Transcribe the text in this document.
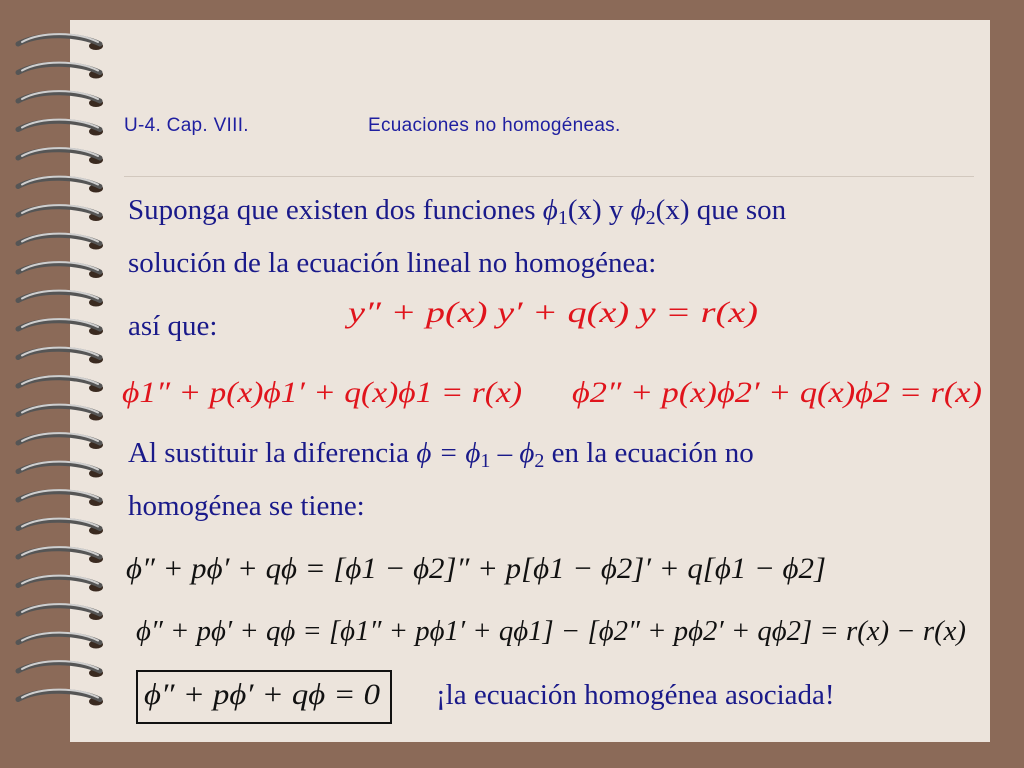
U-4. Cap. VIII.	Ecuaciones no homogéneas.
Suponga que existen dos funciones $\phi_1(x)$ y $\phi_2(x)$ que son
solución de la ecuación lineal no homogénea:
así que:
Al sustituir la diferencia $\phi = \phi_1 - \phi_2$ en la ecuación no
homogénea se tiene:
¡la ecuación homogénea asociada!
y″ + p(x) y′ + q(x) y = r(x)
ϕ1″ + p(x)ϕ1′ + q(x)ϕ1 = r(x) ϕ2″ + p(x)ϕ2′ + q(x)ϕ2 = r(x)
ϕ″ + pϕ′ + qϕ = [ϕ1 − ϕ2]″ + p[ϕ1 − ϕ2]′ + q[ϕ1 − ϕ2]
ϕ″ + pϕ′ + qϕ = [ϕ1″ + pϕ1′ + qϕ1] − [ϕ2″ + pϕ2′ + qϕ2] = r(x) − r(x)
ϕ″ + pϕ′ + qϕ = 0
